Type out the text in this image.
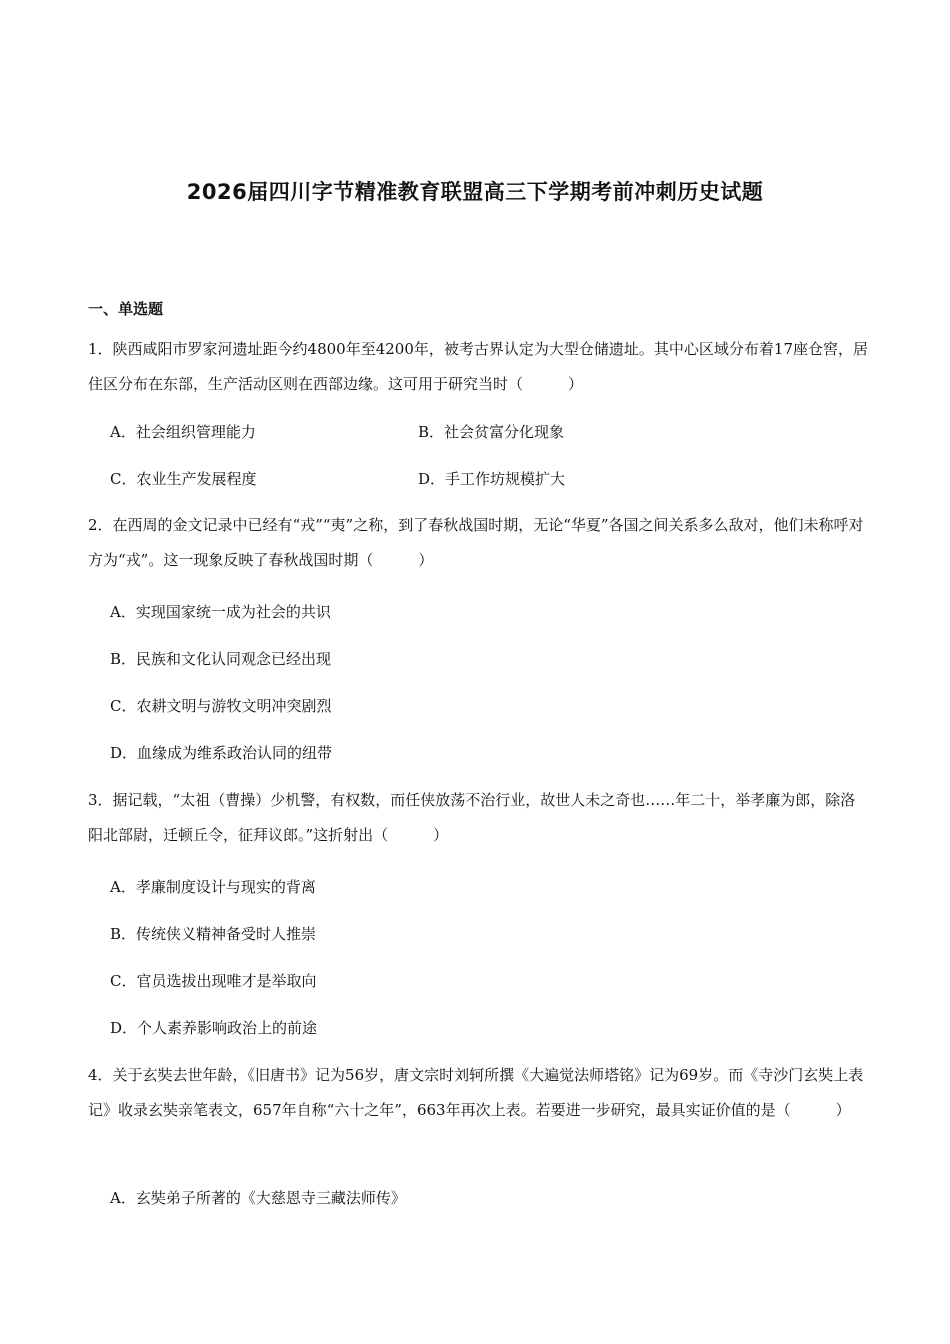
2026届四川字节精准教育联盟高三下学期考前冲刺历史试题
一、单选题
1．陕西咸阳市罗家河遗址距今约4800年至4200年，被考古界认定为大型仓储遗址。其中心区域分布着17座仓窖，居住区分布在东部，生产活动区则在西部边缘。这可用于研究当时（　　　）
A．社会组织管理能力	B．社会贫富分化现象
C．农业生产发展程度	D．手工作坊规模扩大
2．在西周的金文记录中已经有“戎”“夷”之称，到了春秋战国时期，无论“华夏”各国之间关系多么敌对，他们未称呼对方为“戎”。这一现象反映了春秋战国时期（　　　）
A．实现国家统一成为社会的共识
B．民族和文化认同观念已经出现
C．农耕文明与游牧文明冲突剧烈
D．血缘成为维系政治认同的纽带
3．据记载，“太祖（曹操）少机警，有权数，而任侠放荡不治行业，故世人未之奇也……年二十，举孝廉为郎，除洛阳北部尉，迁顿丘令，征拜议郎。”这折射出（　　　）
A．孝廉制度设计与现实的背离
B．传统侠义精神备受时人推崇
C．官员选拔出现唯才是举取向
D．个人素养影响政治上的前途
4．关于玄奘去世年龄，《旧唐书》记为56岁，唐文宗时刘轲所撰《大遍觉法师塔铭》记为69岁。而《寺沙门玄奘上表记》收录玄奘亲笔表文，657年自称“六十之年”，663年再次上表。若要进一步研究，最具实证价值的是（　　　）
A．玄奘弟子所著的《大慈恩寺三藏法师传》
